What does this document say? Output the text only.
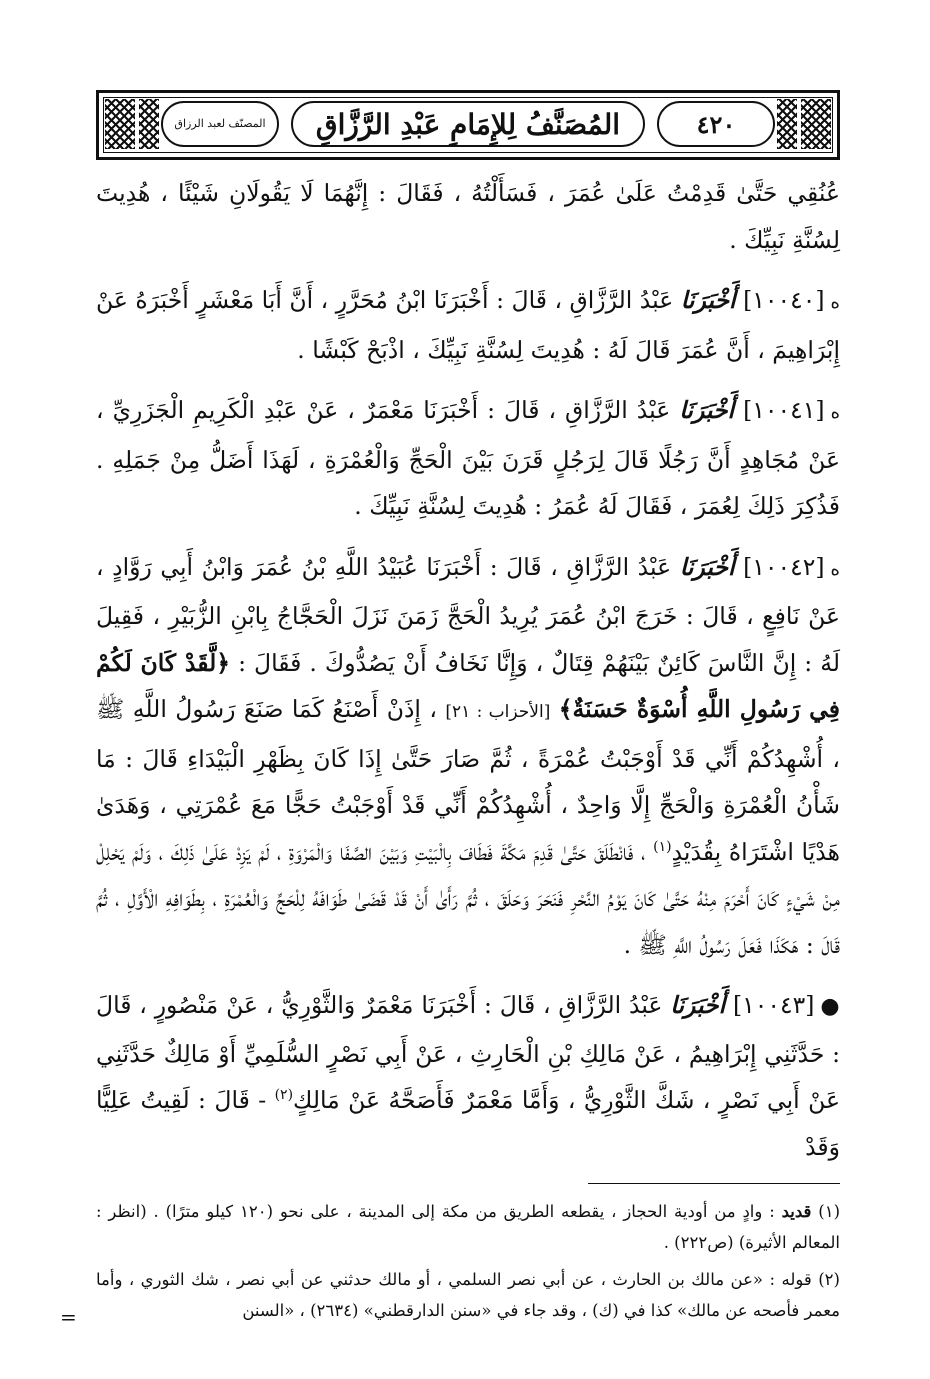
المصنّف لعبد الرزاق المُصَنَّفُ لِلإِمَامِ عَبْدِ الرَّزَّاقِ	٤٢٠

عُنُقِي حَتَّىٰ قَدِمْتُ عَلَىٰ عُمَرَ ، فَسَأَلْتُهُ ، فَقَالَ : إِنَّهُمَا لَا يَقُولَانِ شَيْئًا ، هُدِيتَ لِسُنَّةِ نَبِيِّكَ .

ه[١٠٠٤٠] أَخْبَرَنَا عَبْدُ الرَّزَّاقِ ، قَالَ : أَخْبَرَنَا ابْنُ مُحَرَّرٍ ، أَنَّ أَبَا مَعْشَرٍ أَخْبَرَهُ عَنْ إِبْرَاهِيمَ ، أَنَّ عُمَرَ قَالَ لَهُ : هُدِيتَ لِسُنَّةِ نَبِيِّكَ ، اذْبَحْ كَبْشًا .

ه[١٠٠٤١] أَخْبَرَنَا عَبْدُ الرَّزَّاقِ ، قَالَ : أَخْبَرَنَا مَعْمَرٌ ، عَنْ عَبْدِ الْكَرِيمِ الْجَزَرِيِّ ، عَنْ مُجَاهِدٍ أَنَّ رَجُلًا قَالَ لِرَجُلٍ قَرَنَ بَيْنَ الْحَجِّ وَالْعُمْرَةِ ، لَهَذَا أَضَلُّ مِنْ جَمَلِهِ . فَذُكِرَ ذَلِكَ لِعُمَرَ ، فَقَالَ لَهُ عُمَرُ : هُدِيتَ لِسُنَّةِ نَبِيِّكَ .

ه[١٠٠٤٢] أَخْبَرَنَا عَبْدُ الرَّزَّاقِ ، قَالَ : أَخْبَرَنَا عُبَيْدُ اللَّهِ بْنُ عُمَرَ وَابْنُ أَبِي رَوَّادٍ ، عَنْ نَافِعٍ ، قَالَ : خَرَجَ ابْنُ عُمَرَ يُرِيدُ الْحَجَّ زَمَنَ نَزَلَ الْحَجَّاجُ بِابْنِ الزُّبَيْرِ ، فَقِيلَ لَهُ : إِنَّ النَّاسَ كَائِنٌ بَيْنَهُمْ قِتَالٌ ، وَإِنَّا نَخَافُ أَنْ يَصُدُّوكَ . فَقَالَ : ﴿لَّقَدْ كَانَ لَكُمْ فِي رَسُولِ اللَّهِ أُسْوَةٌ حَسَنَةٌ﴾ [الأحزاب : ٢١] ، إِذَنْ أَصْنَعُ كَمَا صَنَعَ رَسُولُ اللَّهِ ﷺ ، أُشْهِدُكُمْ أَنِّي قَدْ أَوْجَبْتُ عُمْرَةً ، ثُمَّ صَارَ حَتَّىٰ إِذَا كَانَ بِظَهْرِ الْبَيْدَاءِ قَالَ : مَا شَأْنُ الْعُمْرَةِ وَالْحَجِّ إِلَّا وَاحِدٌ ، أُشْهِدُكُمْ أَنِّي قَدْ أَوْجَبْتُ حَجًّا مَعَ عُمْرَتِي ، وَهَدَىٰ هَدْيًا اشْتَرَاهُ بِقُدَيْدٍ$^{(١)}$ ، فَانْطَلَقَ حَتَّىٰ قَدِمَ مَكَّةَ فَطَافَ بِالْبَيْتِ وَبَيْنَ الصَّفَا وَالْمَرْوَةِ ، لَمْ يَزِدْ عَلَىٰ ذَلِكَ ، وَلَمْ يَحْلِلْ مِنْ شَيْءٍ كَانَ أَحْرَمَ مِنْهُ حَتَّىٰ كَانَ يَوْمُ النَّحْرِ فَنَحَرَ وَحَلَقَ ، ثُمَّ رَأَىٰ أَنْ قَدْ قَضَىٰ طَوَافَهُ لِلْحَجِّ وَالْعُمْرَةِ ، بِطَوَافِهِ الْأَوَّلِ ، ثُمَّ قَالَ : هَكَذَا فَعَلَ رَسُولُ اللَّهِ ﷺ .

●[١٠٠٤٣] أَخْبَرَنَا عَبْدُ الرَّزَّاقِ ، قَالَ : أَخْبَرَنَا مَعْمَرٌ وَالثَّوْرِيُّ ، عَنْ مَنْصُورٍ ، قَالَ : حَدَّثَنِي إِبْرَاهِيمُ ، عَنْ مَالِكِ بْنِ الْحَارِثِ ، عَنْ أَبِي نَصْرٍ السُّلَمِيِّ أَوْ مَالِكٌ حَدَّثَنِي عَنْ أَبِي نَصْرٍ ، شَكَّ الثَّوْرِيُّ ، وَأَمَّا مَعْمَرٌ فَأَصَحَّهُ عَنْ مَالِكٍ$^{(٢)}$ - قَالَ : لَقِيتُ عَلِيًّا وَقَدْ

(١) قديد : وادٍ من أودية الحجاز ، يقطعه الطريق من مكة إلى المدينة ، على نحو (١٢٠ كيلو مترًا) . (انظر : المعالم الأثيرة) (ص٢٢٢) .

(٢) قوله : «عن مالك بن الحارث ، عن أبي نصر السلمي ، أو مالك حدثني عن أبي نصر ، شك الثوري ، وأما معمر فأصحه عن مالك» كذا في (ك) ، وقد جاء في «سنن الدارقطني» (٢٦٣٤) ، «السنن

=
